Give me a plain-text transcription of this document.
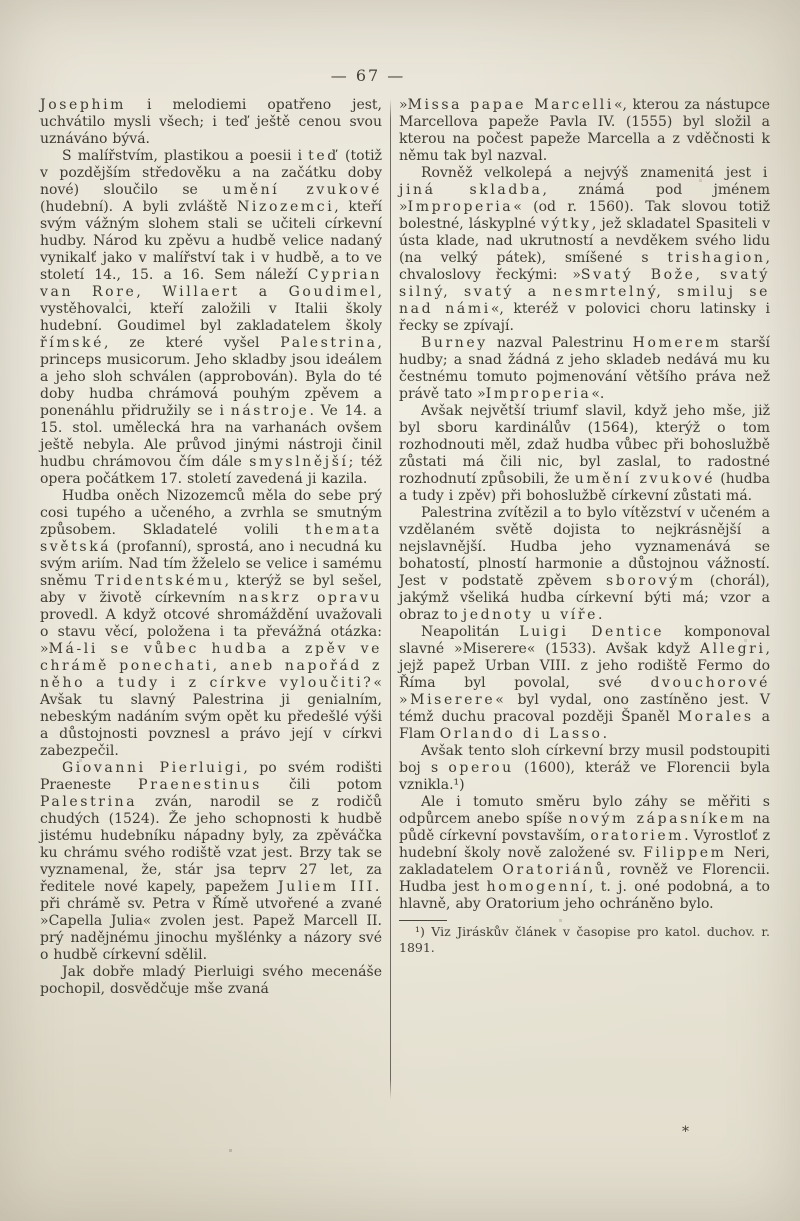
— 67 —

Josephim i melodiemi opatřeno jest, uchvátilo mysli všech; i teď ještě cenou svou uznáváno bývá.

S malířstvím, plastikou a poesii i teď (totiž v pozdějším středověku a na začátku doby nové) sloučilo se umění zvukové (hudební). A byli zvláště Nizozemci, kteří svým vážným slohem stali se učiteli církevní hudby. Národ ku zpěvu a hudbě velice nadaný vynikalť jako v malířství tak i v hudbě, a to ve století 14., 15. a 16. Sem náleží Cyprian van Rore, Willaert a Goudimel, vystěhovalci, kteří založili v Italii školy hudební. Goudimel byl zakladatelem školy římské, ze které vyšel Palestrina, princeps musicorum. Jeho skladby jsou ideálem a jeho sloh schválen (approbován). Byla do té doby hudba chrámová pouhým zpěvem a ponenáhlu přidružily se i nástroje. Ve 14. a 15. stol. umělecká hra na varhanách ovšem ještě nebyla. Ale průvod jinými nástroji činil hudbu chrámovou čím dále smyslnější; též opera počátkem 17. století zavedená ji kazila.

Hudba oněch Nizozemců měla do sebe prý cosi tupého a učeného, a zvrhla se smutným způsobem. Skladatelé volili themata světská (profanní), sprostá, ano i necudná ku svým ariím. Nad tím žželelo se velice i samému sněmu Tridentskému, kterýž se byl sešel, aby v životě církevním naskrz opravu provedl. A když otcové shromáždění uvažovali o stavu věcí, položena i ta převážná otázka: »Má-li se vůbec hudba a zpěv ve chrámě ponechati, aneb napořád z něho a tudy i z církve vyloučiti?« Avšak tu slavný Palestrina ji genialním, nebeským nadáním svým opět ku předešlé výši a důstojnosti povznesl a právo její v církvi zabezpečil.

Giovanni Pierluigi, po svém rodišti Praeneste Praenestinus čili potom Palestrina zván, narodil se z rodičů chudých (1524). Že jeho schopnosti k hudbě jistému hudebníku nápadny byly, za zpěváčka ku chrámu svého rodiště vzat jest. Brzy tak se vyznamenal, že, stár jsa teprv 27 let, za ředitele nové kapely, papežem Juliem III. při chrámě sv. Petra v Římě utvořené a zvané »Capella Julia« zvolen jest. Papež Marcell II. prý nadějnému jinochu myšlénky a názory své o hudbě církevní sdělil.

Jak dobře mladý Pierluigi svého mecenáše pochopil, dosvědčuje mše zvaná

»Missa papae Marcelli«, kterou za nástupce Marcellova papeže Pavla IV. (1555) byl složil a kterou na počest papeže Marcella a z vděčnosti k němu tak byl nazval.

Rovněž velkolepá a nejvýš znamenitá jest i jiná skladba, známá pod jménem »Improperia« (od r. 1560). Tak slovou totiž bolestné, láskyplné výtky, jež skladatel Spasiteli v ústa klade, nad ukrutností a nevděkem svého lidu (na velký pátek), smíšené s trishagion, chvaloslovy řeckými: »Svatý Bože, svatý silný, svatý a nesmrtelný, smiluj se nad námi«, kteréž v polovici choru latinsky i řecky se zpívají.

Burney nazval Palestrinu Homerem starší hudby; a snad žádná z jeho skladeb nedává mu ku čestnému tomuto pojmenování většího práva než právě tato »Improperia«.

Avšak největší triumf slavil, když jeho mše, již byl sboru kardinálův (1564), kterýž o tom rozhodnouti měl, zdaž hudba vůbec při bohoslužbě zůstati má čili nic, byl zaslal, to radostné rozhodnutí způsobili, že umění zvukové (hudba a tudy i zpěv) při bohoslužbě církevní zůstati má.

Palestrina zvítězil a to bylo vítězství v učeném a vzdělaném světě dojista to nejkrásnější a nejslavnější. Hudba jeho vyznamenává se bohatostí, plností harmonie a důstojnou vážností. Jest v podstatě zpěvem sborovým (chorál), jakýmž všeliká hudba církevní býti má; vzor a obraz to jednoty u víře.

Neapolitán Luigi Dentice komponoval slavné »Miserere« (1533). Avšak když Allegri, jejž papež Urban VIII. z jeho rodiště Fermo do Říma byl povolal, své dvouchorové »Miserere« byl vydal, ono zastíněno jest. V témž duchu pracoval později Španěl Morales a Flam Orlando di Lasso.

Avšak tento sloh církevní brzy musil podstoupiti boj s operou (1600), kteráž ve Florencii byla vznikla.¹)

Ale i tomuto směru bylo záhy se měřiti s odpůrcem anebo spíše novým zápasníkem na půdě církevní povstavším, oratoriem. Vyrostloť z hudební školy nově založené sv. Filippem Neri, zakladatelem Oratoriánů, rovněž ve Florencii. Hudba jest homogenní, t. j. oné podobná, a to hlavně, aby Oratorium jeho ochráněno bylo.

¹) Viz Jiráskův článek v časopise pro katol. duchov. r. 1891.

*
